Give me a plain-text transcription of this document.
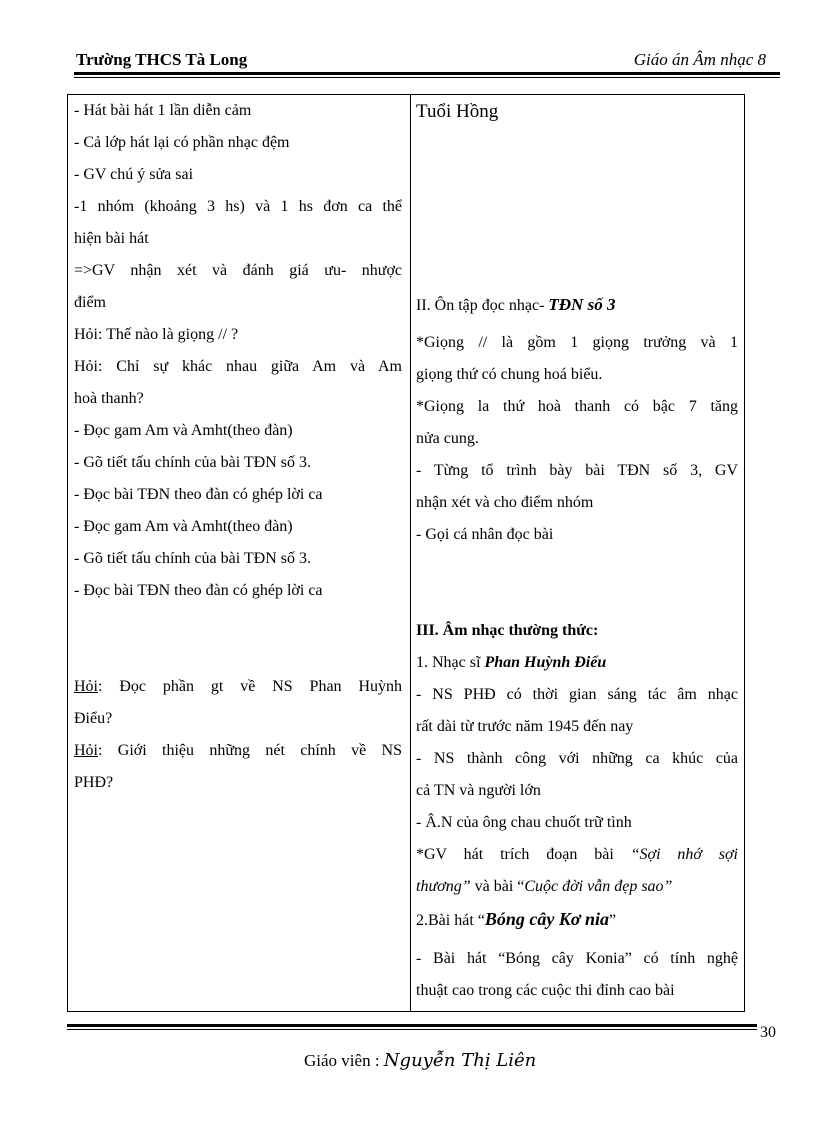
Trường THCS Tà Long	Giáo án Âm nhạc 8
- Hát bài hát 1 lần diễn cảm
- Cả lớp hát lại có phần nhạc đệm
- GV chú ý sửa sai
-1 nhóm (khoảng 3 hs) và 1 hs đơn ca thể
hiện bài hát
=>GV nhận xét và đánh giá ưu- nhược
điểm
Hỏi: Thế nào là giọng // ?
Hỏi: Chỉ sự khác nhau giữa Am và Am
hoà thanh?
- Đọc gam Am và Amht(theo đàn)
- Gõ tiết tấu chính của bài TĐN số 3.
- Đọc bài TĐN theo đàn có ghép lời ca
- Đọc gam Am và Amht(theo đàn)
- Gõ tiết tấu chính của bài TĐN số 3.
- Đọc bài TĐN theo đàn có ghép lời ca
Hỏi: Đọc phần gt về NS Phan Huỳnh
Điểu?
Hỏi: Giới thiệu những nét chính về NS
PHĐ?
Tuổi Hồng
II. Ôn tập đọc nhạc- TĐN số 3
*Giọng // là gồm 1 giọng trưởng và 1
giọng thứ có chung hoá biểu.
*Giọng la thứ hoà thanh có bậc 7 tăng
nửa cung.
- Từng tổ trình bày bài TĐN số 3, GV
nhận xét và cho điểm nhóm
- Gọi cá nhân đọc bài
III. Âm nhạc thường thức:
1. Nhạc sĩ Phan Huỳnh Điểu
- NS PHĐ có thời gian sáng tác âm nhạc
rất dài từ trước năm 1945 đến nay
- NS thành công với những ca khúc của
cả TN và người lớn
- Â.N của ông chau chuốt trữ tình
*GV hát trích đoạn bài “Sợi nhớ sợi
thương” và bài “Cuộc đời vẫn đẹp sao”
2.Bài hát “Bóng cây Kơ nia”
- Bài hát “Bóng cây Konia” có tính nghệ
thuật cao trong các cuộc thi đỉnh cao bài
30
Giáo viên : Nguyễn Thị Liên
